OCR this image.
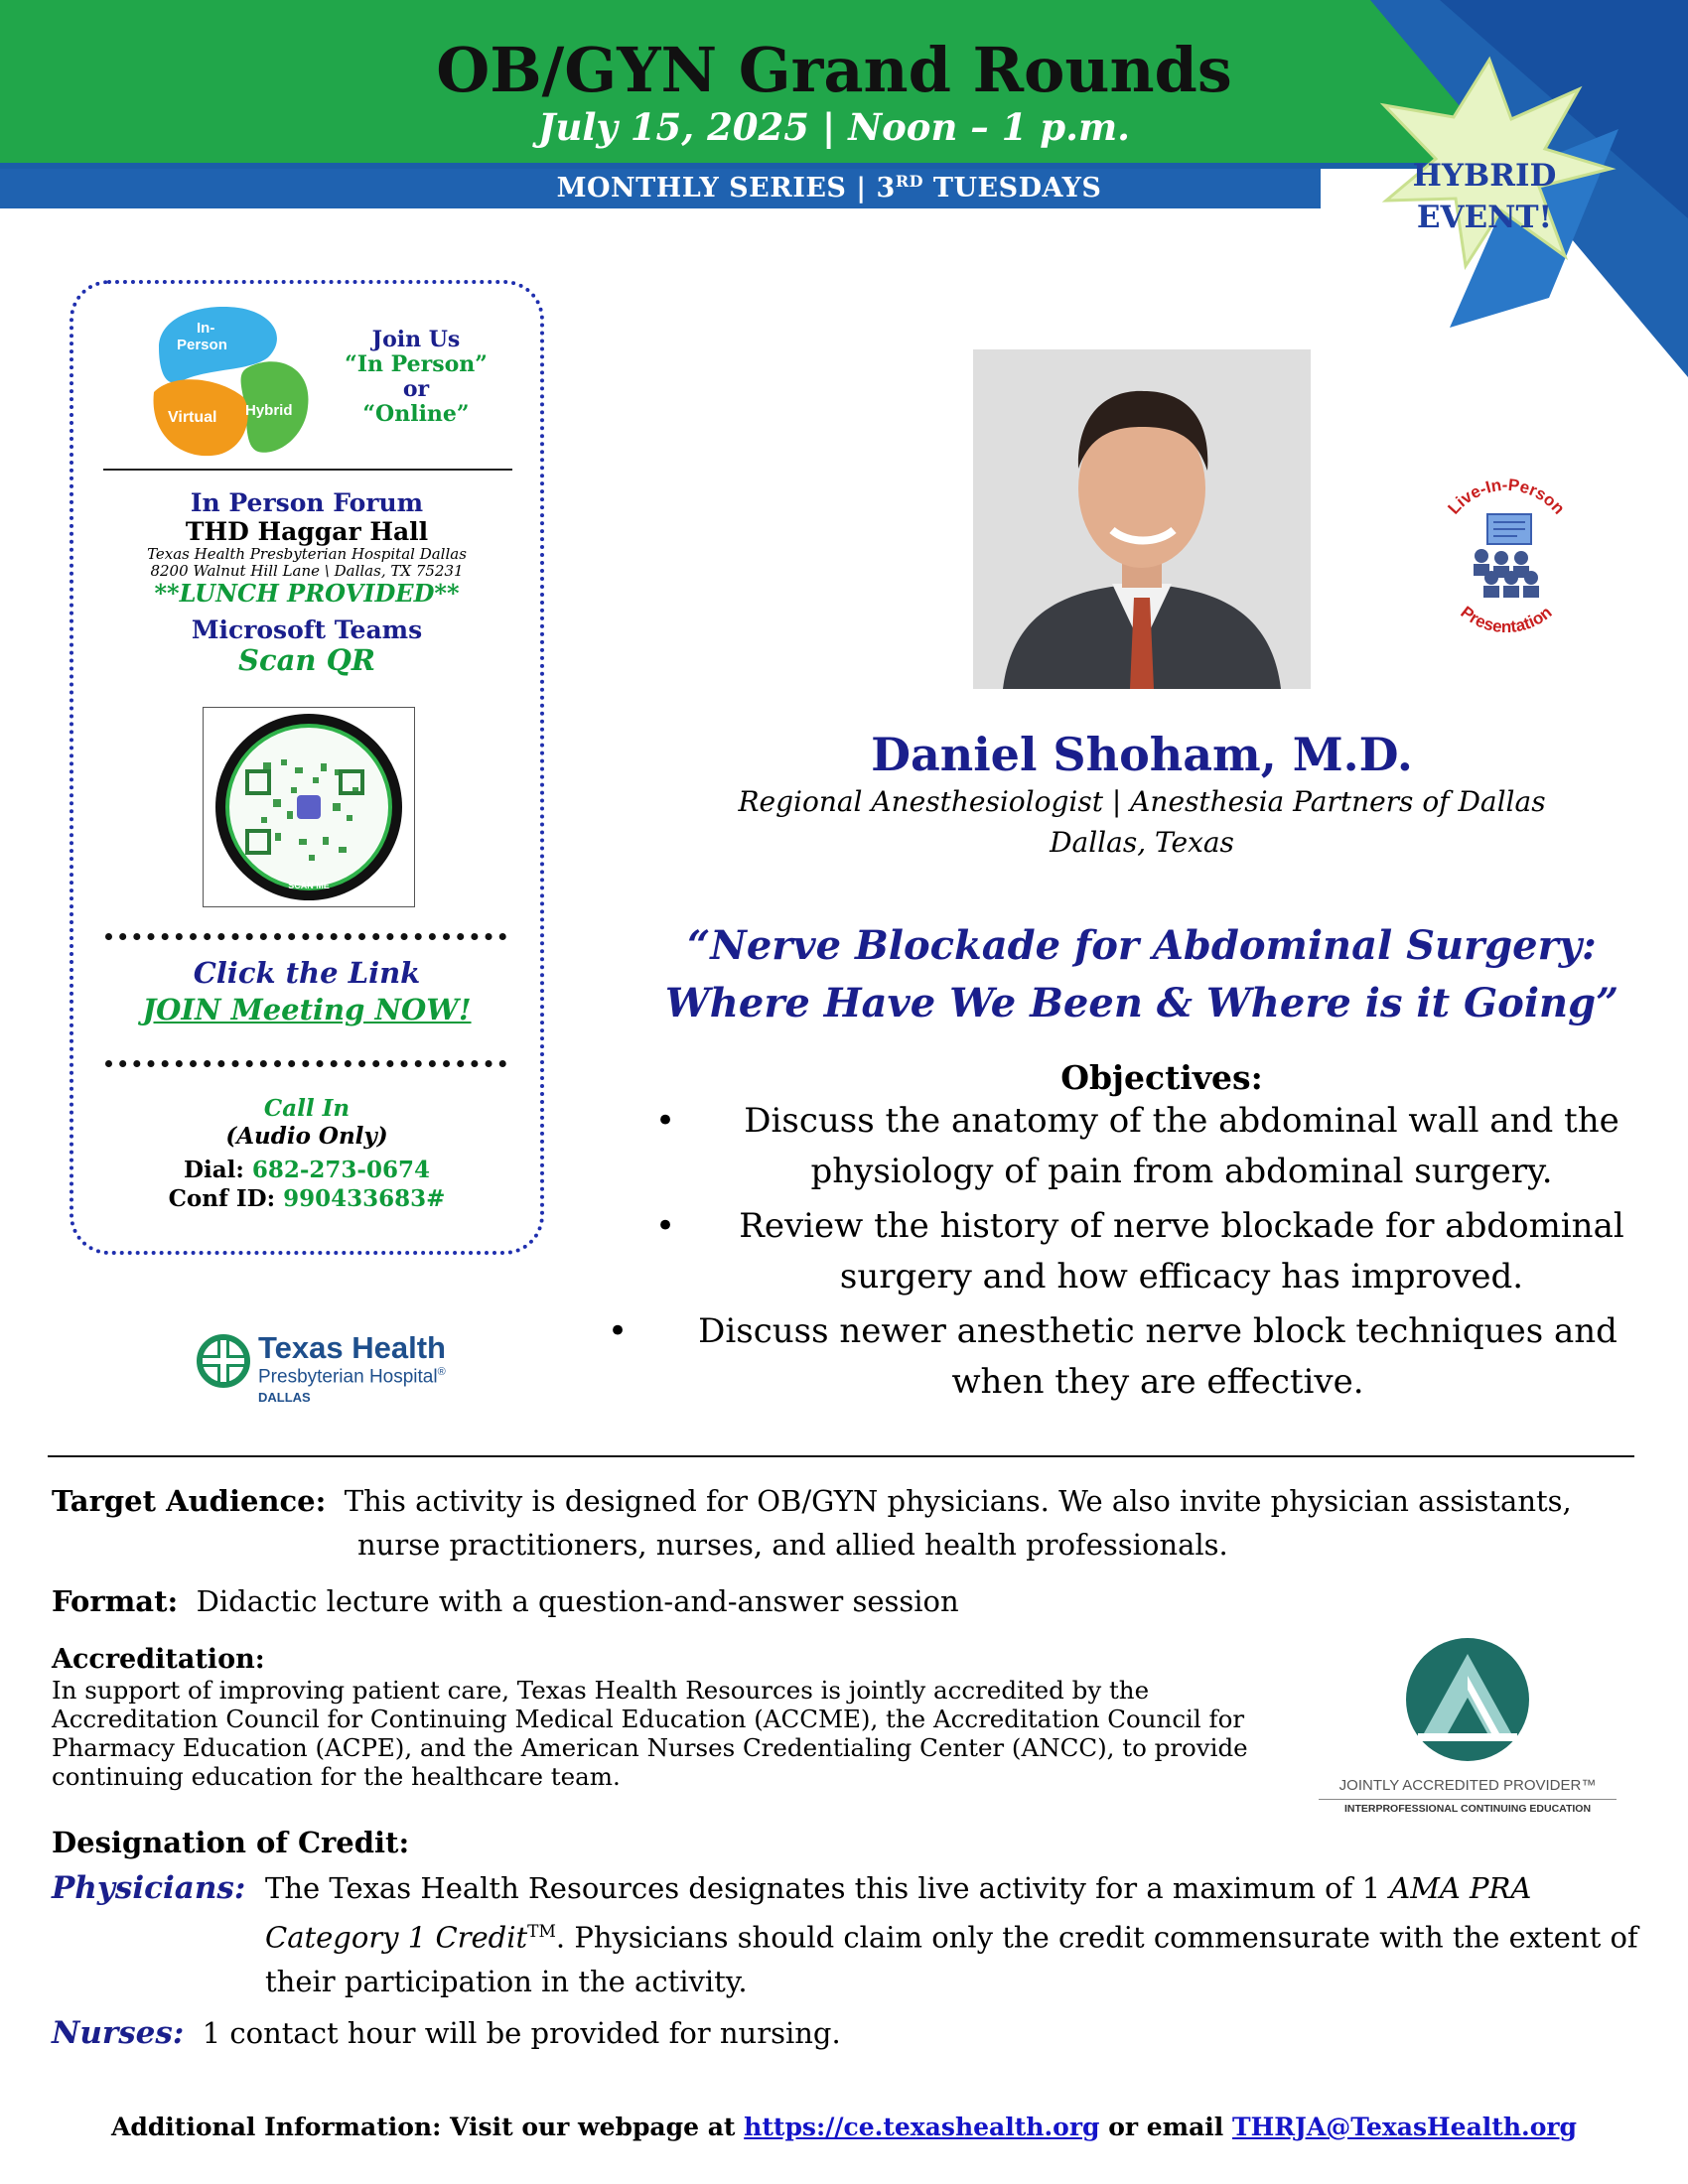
HYBRID
EVENT!
OB/GYN Grand Rounds
July 15, 2025 | Noon – 1 p.m.
MONTHLY SERIES | 3RD TUESDAYS
In-
Person
Hybrid
Virtual
Join Us
“In Person”
or
“Online”
In Person Forum
THD Haggar Hall
Texas Health Presbyterian Hospital Dallas
8200 Walnut Hill Lane \ Dallas, TX 75231
**LUNCH PROVIDED**
Microsoft Teams
Scan QR
SCAN ME
Click the Link
JOIN Meeting NOW!
Call In
(Audio Only)
Dial: 682-273-0674
Conf ID: 990433683#
Texas Health
Presbyterian Hospital®
DALLAS
Live-In-Person
Presentation
Daniel Shoham, M.D.
Regional Anesthesiologist | Anesthesia Partners of Dallas
Dallas, Texas
“Nerve Blockade for Abdominal Surgery:
Where Have We Been & Where is it Going”
Objectives:
•	Discuss the anatomy of the abdominal wall and the physiology of pain from abdominal surgery.
•	Review the history of nerve blockade for abdominal surgery and how efficacy has improved.
•	Discuss newer anesthetic nerve block techniques and when they are effective.
Target Audience: This activity is designed for OB/GYN physicians. We also invite physician assistants,
nurse practitioners, nurses, and allied health professionals.
Format: Didactic lecture with a question-and-answer session
Accreditation:
In support of improving patient care, Texas Health Resources is jointly accredited by the Accreditation Council for Continuing Medical Education (ACCME), the Accreditation Council for Pharmacy Education (ACPE), and the American Nurses Credentialing Center (ANCC), to provide continuing education for the healthcare team.	JOINTLY ACCREDITED PROVIDER™
INTERPROFESSIONAL CONTINUING EDUCATION
Designation of Credit:
Physicians: The Texas Health Resources designates this live activity for a maximum of 1 AMA PRA Category 1 Credit™. Physicians should claim only the credit commensurate with the extent of their participation in the activity.
Nurses: 1 contact hour will be provided for nursing.
Additional Information: Visit our webpage at https://ce.texashealth.org or email THRJA@TexasHealth.org
